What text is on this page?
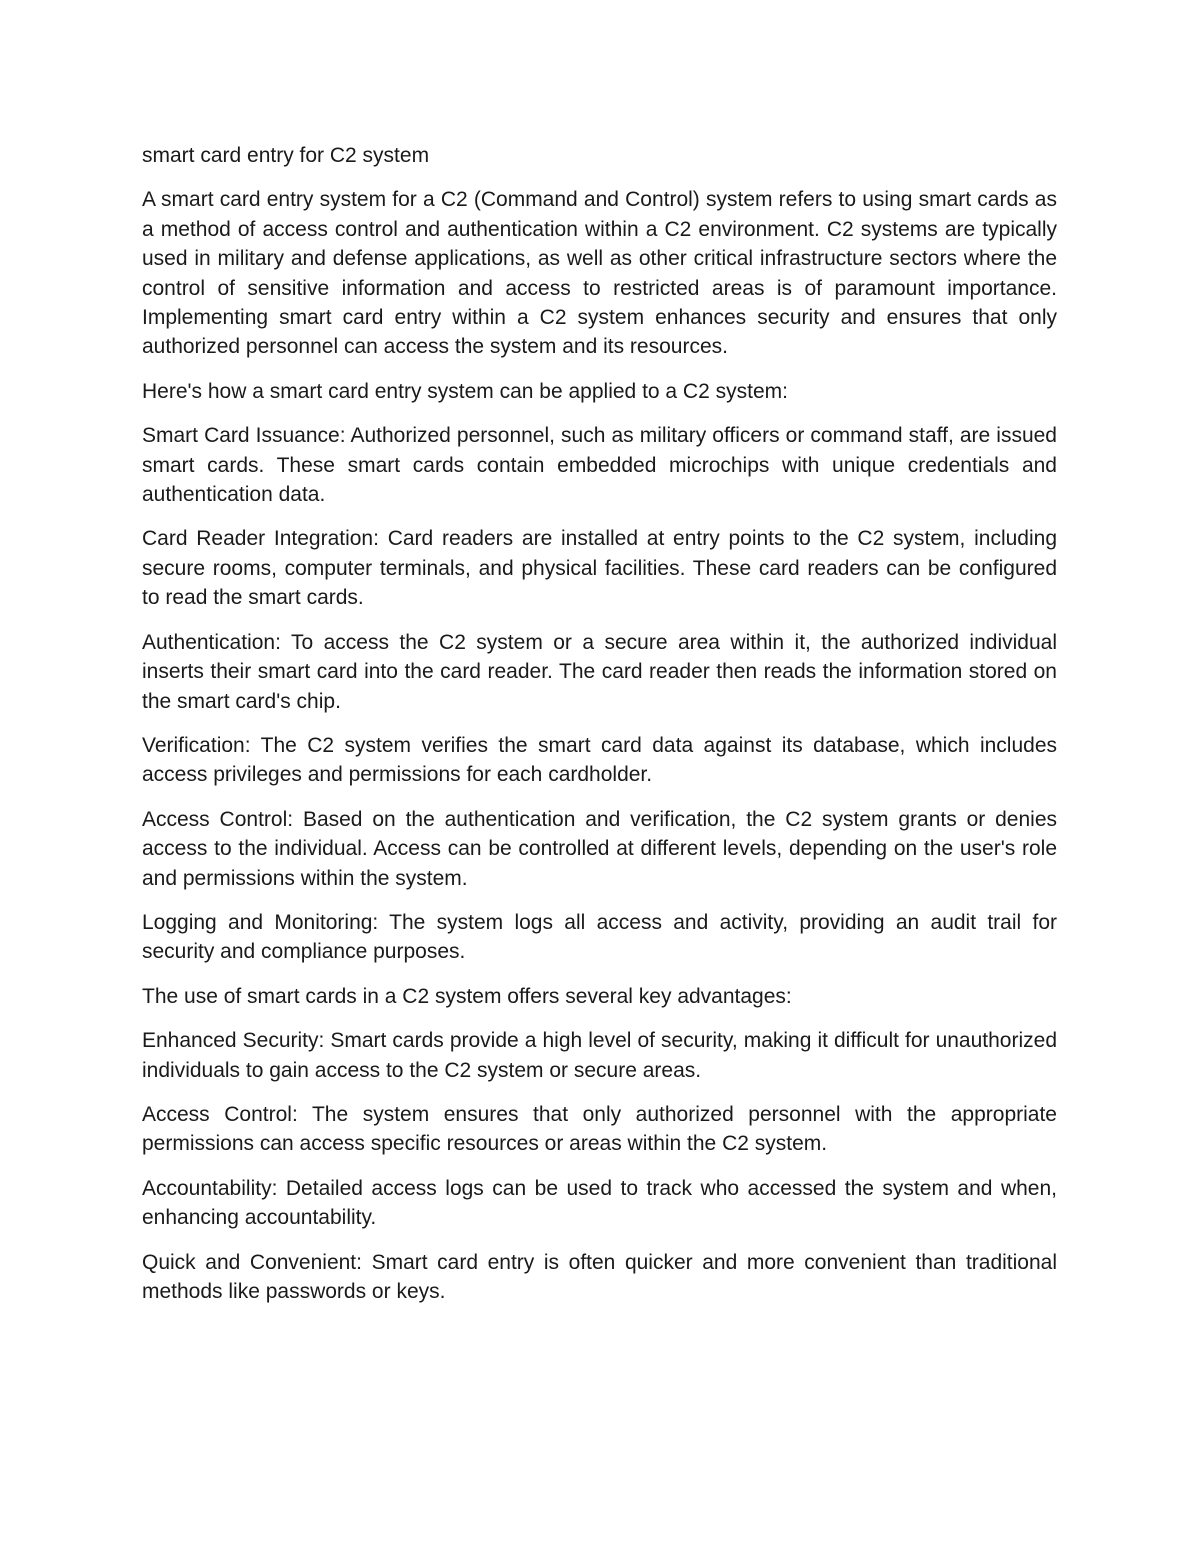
smart card entry for C2 system

A smart card entry system for a C2 (Command and Control) system refers to using smart cards as a method of access control and authentication within a C2 environment. C2 systems are typically used in military and defense applications, as well as other critical infrastructure sectors where the control of sensitive information and access to restricted areas is of paramount importance. Implementing smart card entry within a C2 system enhances security and ensures that only authorized personnel can access the system and its resources.

Here's how a smart card entry system can be applied to a C2 system:

Smart Card Issuance: Authorized personnel, such as military officers or command staff, are issued smart cards. These smart cards contain embedded microchips with unique credentials and authentication data.

Card Reader Integration: Card readers are installed at entry points to the C2 system, including secure rooms, computer terminals, and physical facilities. These card readers can be configured to read the smart cards.

Authentication: To access the C2 system or a secure area within it, the authorized individual inserts their smart card into the card reader. The card reader then reads the information stored on the smart card's chip.

Verification: The C2 system verifies the smart card data against its database, which includes access privileges and permissions for each cardholder.

Access Control: Based on the authentication and verification, the C2 system grants or denies access to the individual. Access can be controlled at different levels, depending on the user's role and permissions within the system.

Logging and Monitoring: The system logs all access and activity, providing an audit trail for security and compliance purposes.

The use of smart cards in a C2 system offers several key advantages:

Enhanced Security: Smart cards provide a high level of security, making it difficult for unauthorized individuals to gain access to the C2 system or secure areas.

Access Control: The system ensures that only authorized personnel with the appropriate permissions can access specific resources or areas within the C2 system.

Accountability: Detailed access logs can be used to track who accessed the system and when, enhancing accountability.

Quick and Convenient: Smart card entry is often quicker and more convenient than traditional methods like passwords or keys.
